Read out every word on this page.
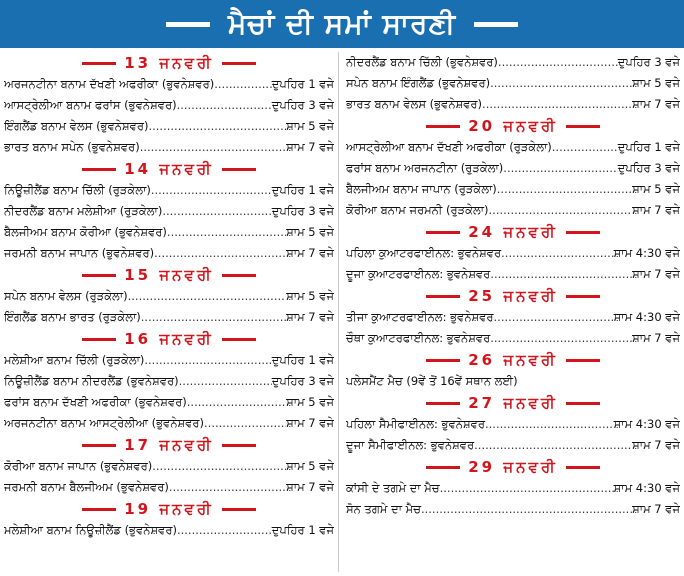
ਮੈਚਾਂ ਦੀ ਸਮਾਂ ਸਾਰਣੀ
13 ਜਨਵਰੀ
ਅਰਜਨਟੀਨਾ ਬਨਾਮ ਦੱਖਣੀ ਅਫਰੀਕਾ (ਭੁਵਨੇਸ਼ਵਰ) .....	ਦੁਪਹਿਰ 1 ਵਜੇ
ਆਸਟ੍ਰੇਲੀਆ ਬਨਾਮ ਫਰਾਂਸ (ਭੁਵਨੇਸ਼ਵਰ) .....	ਦੁਪਹਿਰ 3 ਵਜੇ
ਇੰਗਲੈਂਡ ਬਨਾਮ ਵੇਲਸ (ਭੁਵਨੇਸ਼ਵਰ) .....	ਸ਼ਾਮ 5 ਵਜੇ
ਭਾਰਤ ਬਨਾਮ ਸਪੇਨ (ਭੁਵਨੇਸ਼ਵਰ) .....	ਸ਼ਾਮ 7 ਵਜੇ
14 ਜਨਵਰੀ
ਨਿਊਜ਼ੀਲੈਂਡ ਬਨਾਮ ਚਿੱਲੀ (ਰੁੜਕੇਲਾ) .....	ਦੁਪਹਿਰ 1 ਵਜੇ
ਨੀਦਰਲੈਂਡ ਬਨਾਮ ਮਲੇਸ਼ੀਆ (ਰੁੜਕੇਲਾ) .....	ਦੁਪਹਿਰ 3 ਵਜੇ
ਬੈਲਜੀਅਮ ਬਨਾਮ ਕੋਰੀਆ (ਭੁਵਨੇਸ਼ਵਰ) .....	ਸ਼ਾਮ 5 ਵਜੇ
ਜਰਮਨੀ ਬਨਾਮ ਜਾਪਾਨ (ਭੁਵਨੇਸ਼ਵਰ) .....	ਸ਼ਾਮ 7 ਵਜੇ
15 ਜਨਵਰੀ
ਸਪੇਨ ਬਨਾਮ ਵੇਲਸ (ਰੁੜਕੇਲਾ) .....	ਸ਼ਾਮ 5 ਵਜੇ
ਇੰਗਲੈਂਡ ਬਨਾਮ ਭਾਰਤ (ਰੁੜਕੇਲਾ) .....	ਸ਼ਾਮ 7 ਵਜੇ
16 ਜਨਵਰੀ
ਮਲੇਸ਼ੀਆ ਬਨਾਮ ਚਿੱਲੀ (ਰੁੜਕੇਲਾ) .....	ਦੁਪਹਿਰ 1 ਵਜੇ
ਨਿਊਜ਼ੀਲੈਂਡ ਬਨਾਮ ਨੀਦਰਲੈਂਡ (ਭੁਵਨੇਸ਼ਵਰ) .....	ਦੁਪਹਿਰ 3 ਵਜੇ
ਫਰਾਂਸ ਬਨਾਮ ਦੱਖਣੀ ਅਫਰੀਕਾ (ਭੁਵਨੇਸ਼ਵਰ) .....	ਸ਼ਾਮ 5 ਵਜੇ
ਅਰਜਨਟੀਨਾ ਬਨਾਮ ਆਸਟ੍ਰੇਲੀਆ (ਭੁਵਨੇਸ਼ਵਰ) .....	ਸ਼ਾਮ 7 ਵਜੇ
17 ਜਨਵਰੀ
ਕੋਰੀਆ ਬਨਾਮ ਜਾਪਾਨ (ਭੁਵਨੇਸ਼ਵਰ) .....	ਸ਼ਾਮ 5 ਵਜੇ
ਜਰਮਨੀ ਬਨਾਮ ਬੈਲਜੀਅਮ (ਭੁਵਨੇਸ਼ਵਰ) .....	ਸ਼ਾਮ 7 ਵਜੇ
19 ਜਨਵਰੀ
ਮਲੇਸ਼ੀਆ ਬਨਾਮ ਨਿਊਜ਼ੀਲੈਂਡ (ਭੁਵਨੇਸ਼ਵਰ) .....	ਦੁਪਹਿਰ 1 ਵਜੇ
ਨੀਦਰਲੈਂਡ ਬਨਾਮ ਚਿੱਲੀ (ਭੁਵਨੇਸ਼ਵਰ) .....	ਦੁਪਹਿਰ 3 ਵਜੇ
ਸਪੇਨ ਬਨਾਮ ਇੰਗਲੈਂਡ (ਭੁਵਨੇਸ਼ਵਰ) .....	ਸ਼ਾਮ 5 ਵਜੇ
ਭਾਰਤ ਬਨਾਮ ਵੇਲਸ (ਭੁਵਨੇਸ਼ਵਰ) .....	ਸ਼ਾਮ 7 ਵਜੇ
20 ਜਨਵਰੀ
ਆਸਟ੍ਰੇਲੀਆ ਬਨਾਮ ਦੱਖਣੀ ਅਫਰੀਕਾ (ਰੁੜਕੇਲਾ) .....	ਦੁਪਹਿਰ 1 ਵਜੇ
ਫਰਾਂਸ ਬਨਾਮ ਅਰਜਨਟੀਨਾ (ਰੁੜਕੇਲਾ) .....	ਦੁਪਹਿਰ 3 ਵਜੇ
ਬੈਲਜੀਅਮ ਬਨਾਮ ਜਾਪਾਨ (ਰੁੜਕੇਲਾ) .....	ਸ਼ਾਮ 5 ਵਜੇ
ਕੋਰੀਆ ਬਨਾਮ ਜਰਮਨੀ (ਰੁੜਕੇਲਾ) .....	ਸ਼ਾਮ 7 ਵਜੇ
24 ਜਨਵਰੀ
ਪਹਿਲਾ ਕੁਆਟਰਫਾਈਨਲ: ਭੁਵਨੇਸ਼ਵਰ .....	ਸ਼ਾਮ 4:30 ਵਜੇ
ਦੂਜਾ ਕੁਆਟਰਫਾਈਨਲ: ਭੁਵਨੇਸ਼ਵਰ .....	ਸ਼ਾਮ 7 ਵਜੇ
25 ਜਨਵਰੀ
ਤੀਜਾ ਕੁਆਟਰਫਾਈਨਲ: ਭੁਵਨੇਸ਼ਵਰ .....	ਸ਼ਾਮ 4:30 ਵਜੇ
ਚੌਥਾ ਕੁਆਟਰਫਾਈਨਲ: ਭੁਵਨੇਸ਼ਵਰ .....	ਸ਼ਾਮ 7 ਵਜੇ
26 ਜਨਵਰੀ
ਪਲੇਸਮੈਂਟ ਮੈਚ (9ਵੇਂ ਤੋਂ 16ਵੇਂ ਸਥਾਨ ਲਈ)
27 ਜਨਵਰੀ
ਪਹਿਲਾ ਸੈਮੀਫਾਈਨਲ: ਭੁਵਨੇਸ਼ਵਰ .....	ਸ਼ਾਮ 4:30 ਵਜੇ
ਦੂਜਾ ਸੈਮੀਫਾਈਨਲ: ਭੁਵਨੇਸ਼ਵਰ .....	ਸ਼ਾਮ 7 ਵਜੇ
29 ਜਨਵਰੀ
ਕਾਂਸੀ ਦੇ ਤਗਮੇ ਦਾ ਮੈਚ .....	ਸ਼ਾਮ 4:30 ਵਜੇ
ਸੋਨ ਤਗਮੇ ਦਾ ਮੈਚ .....	ਸ਼ਾਮ 7 ਵਜੇ
